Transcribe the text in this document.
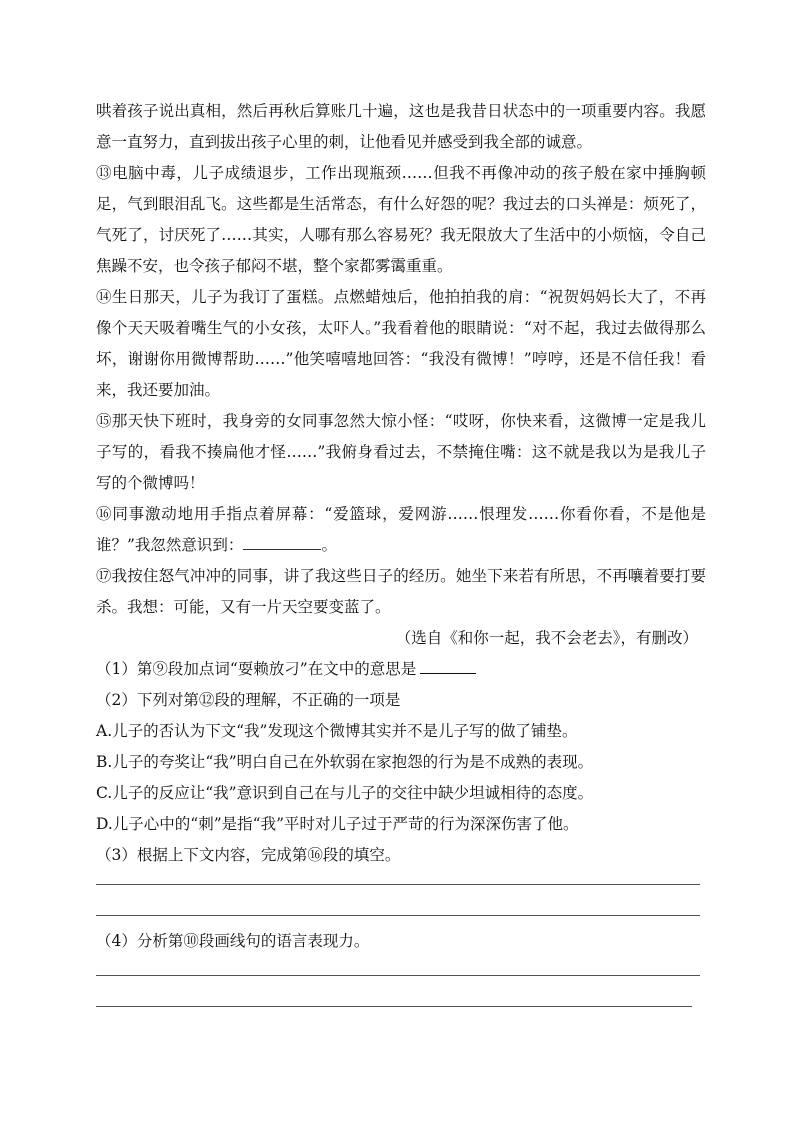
哄着孩子说出真相，然后再秋后算账几十遍，这也是我昔日状态中的一项重要内容。我愿意一直努力，直到拔出孩子心里的刺，让他看见并感受到我全部的诚意。

⑬电脑中毒，儿子成绩退步，工作出现瓶颈……但我不再像冲动的孩子般在家中捶胸顿足，气到眼泪乱飞。这些都是生活常态，有什么好怨的呢？我过去的口头禅是：烦死了，气死了，讨厌死了……其实，人哪有那么容易死？我无限放大了生活中的小烦恼，令自己焦躁不安，也令孩子郁闷不堪，整个家都雾霭重重。

⑭生日那天，儿子为我订了蛋糕。点燃蜡烛后，他拍拍我的肩：“祝贺妈妈长大了，不再像个天天吸着嘴生气的小女孩，太吓人。”我看着他的眼睛说：“对不起，我过去做得那么坏，谢谢你用微博帮助……”他笑嘻嘻地回答：“我没有微博！”哼哼，还是不信任我！看来，我还要加油。

⑮那天快下班时，我身旁的女同事忽然大惊小怪：“哎呀，你快来看，这微博一定是我儿子写的，看我不揍扁他才怪……”我俯身看过去，不禁掩住嘴：这不就是我以为是我儿子写的个微博吗！

⑯同事激动地用手指点着屏幕：“爱篮球，爱网游……恨理发……你看你看，不是他是谁？”我忽然意识到：	。

⑰我按住怒气冲冲的同事，讲了我这些日子的经历。她坐下来若有所思，不再嚷着要打要杀。我想：可能，又有一片天空要变蓝了。

（选自《和你一起，我不会老去》，有删改）

（1）第⑨段加点词“耍赖放刁”在文中的意思是

（2）下列对第⑫段的理解，不正确的一项是

A.儿子的否认为下文“我”发现这个微博其实并不是儿子写的做了铺垫。

B.儿子的夸奖让“我”明白自己在外软弱在家抱怨的行为是不成熟的表现。

C.儿子的反应让“我”意识到自己在与儿子的交往中缺少坦诚相待的态度。

D.儿子心中的“刺”是指“我”平时对儿子过于严苛的行为深深伤害了他。

（3）根据上下文内容，完成第⑯段的填空。

（4）分析第⑩段画线句的语言表现力。
